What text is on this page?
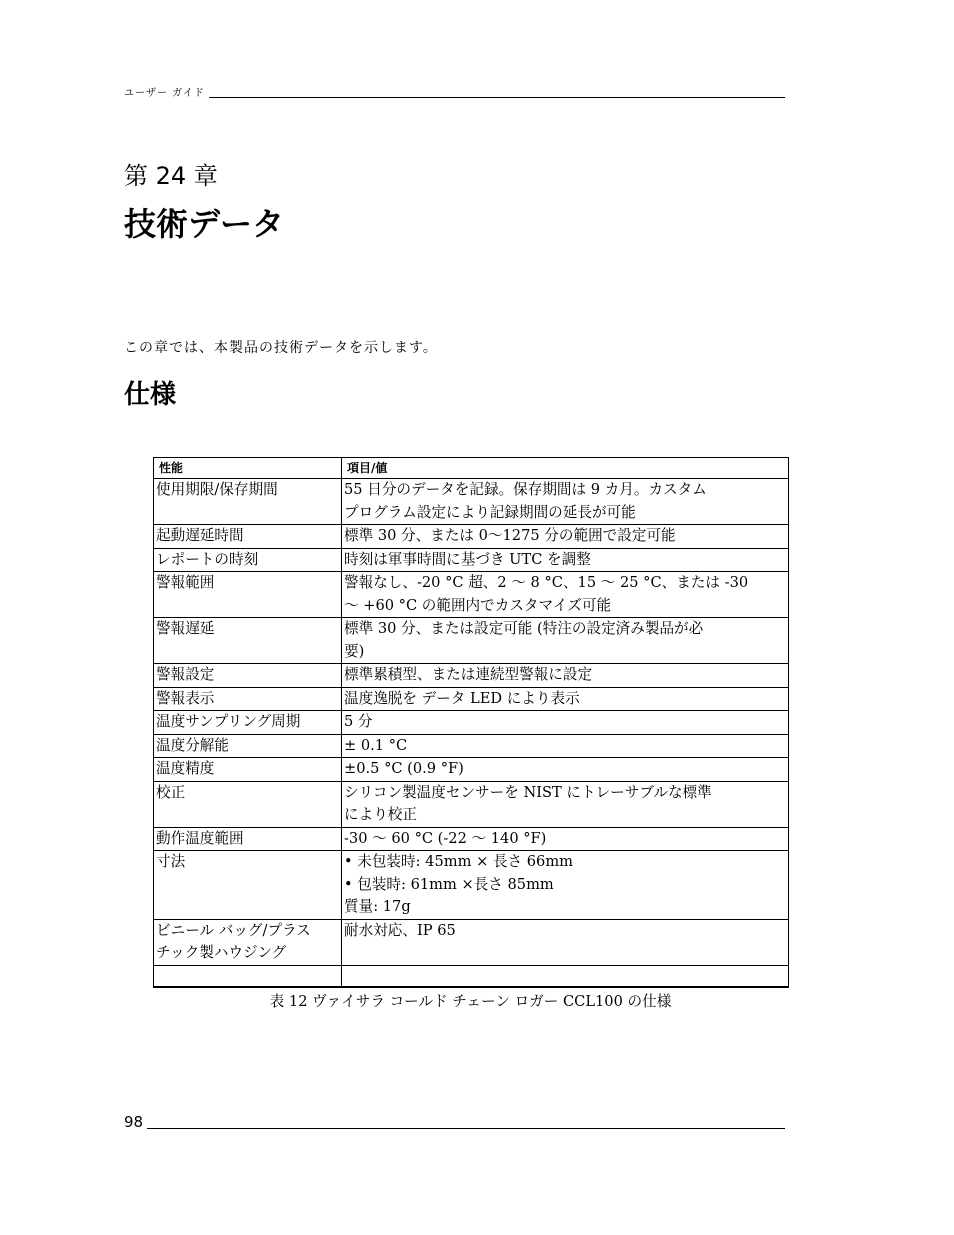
ユーザー ガイド
第 24 章
技術データ
この章では、本製品の技術データを示します。
仕様
性能	項目/値

使用期限/保存期間	55 日分のデータを記録。保存期間は 9 カ月。カスタム
プログラム設定により記録期間の延長が可能

起動遅延時間	標準 30 分、または 0〜1275 分の範囲で設定可能

レポートの時刻	時刻は軍事時間に基づき UTC を調整

警報範囲	警報なし、-20 °C 超、2 ～ 8 °C、15 ～ 25 °C、または -30
～ +60 °C の範囲内でカスタマイズ可能

警報遅延	標準 30 分、または設定可能 (特注の設定済み製品が必
要)

警報設定	標準累積型、または連続型警報に設定

警報表示	温度逸脱を データ LED により表示

温度サンプリング周期	5 分

温度分解能	± 0.1 °C

温度精度	±0.5 °C (0.9 °F)

校正	シリコン製温度センサーを NIST にトレーサブルな標準
により校正

動作温度範囲	-30 ～ 60 °C (-22 ～ 140 °F)

寸法	• 未包装時: 45mm × 長さ 66mm
• 包装時: 61mm ×長さ 85mm
質量: 17g

ビニール バッグ/プラス
チック製ハウジング	耐水対応、IP 65

表 12 ヴァイサラ コールド チェーン ロガー CCL100 の仕様
98
